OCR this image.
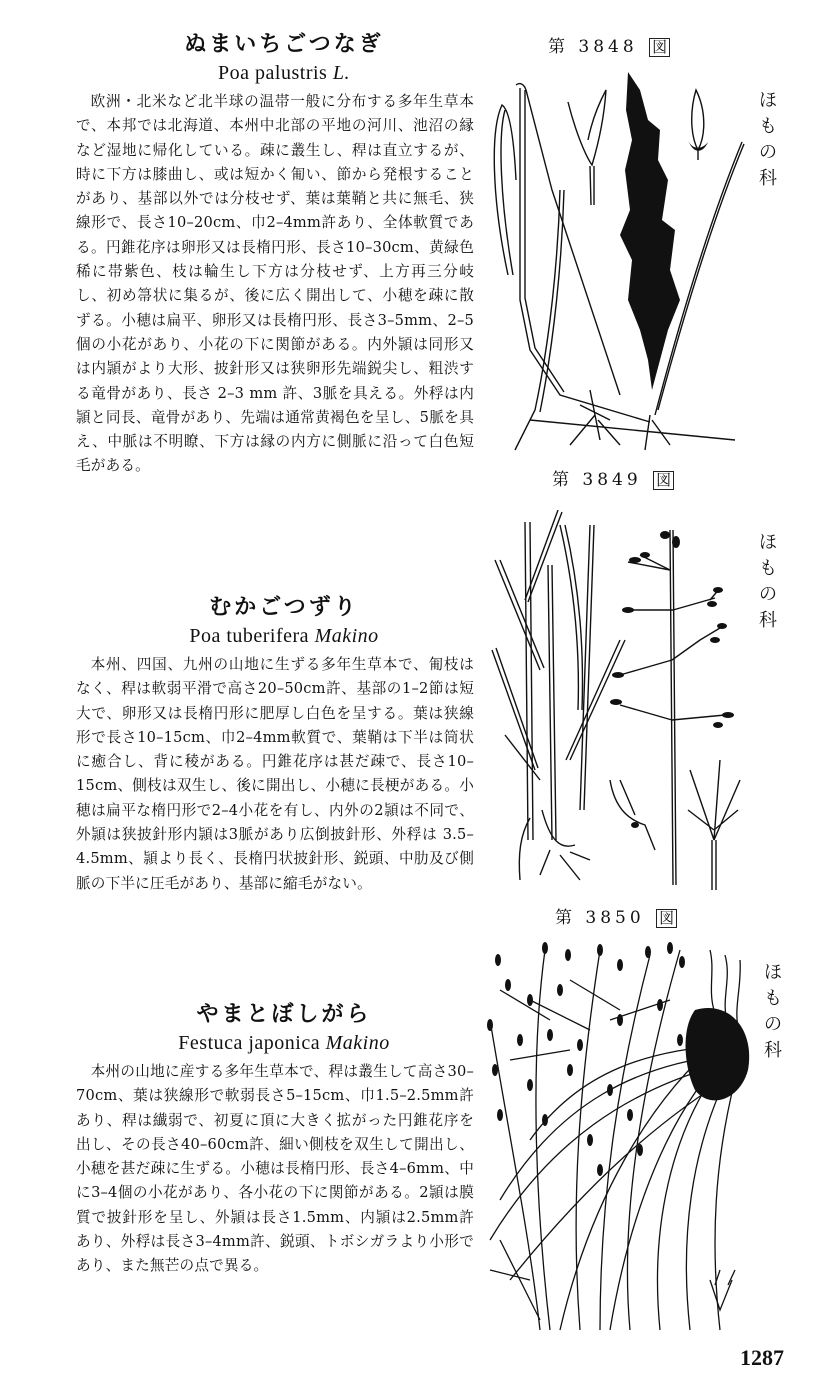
ぬまいちごつなぎ
Poa palustris L.

欧洲・北米など北半球の温帯一般に分布する多年生草本で、本邦では北海道、本州中北部の平地の河川、池沼の縁など湿地に帰化している。疎に叢生し、稈は直立するが、時に下方は膝曲し、或は短かく匍い、節から発根することがあり、基部以外では分枝せず、葉は葉鞘と共に無毛、狭線形で、長さ10–20cm、巾2–4mm許あり、全体軟質である。円錐花序は卵形又は長楕円形、長さ10–30cm、黄緑色稀に帯紫色、枝は輪生し下方は分枝せず、上方再三分岐し、初め箒状に集るが、後に広く開出して、小穂を疎に散ずる。小穂は扁平、卵形又は長楕円形、長さ3–5mm、2–5個の小花があり、小花の下に関節がある。内外頴は同形又は内頴がより大形、披針形又は狭卵形先端鋭尖し、粗渋する竜骨があり、長さ 2–3 mm 許、3脈を具える。外稃は内頴と同長、竜骨があり、先端は通常黄褐色を呈し、5脈を具え、中脈は不明瞭、下方は縁の内方に側脈に沿って白色短毛がある。

むかごつずり
Poa tuberifera Makino

本州、四国、九州の山地に生ずる多年生草本で、匍枝はなく、稈は軟弱平滑で高さ20–50cm許、基部の1–2節は短大で、卵形又は長楕円形に肥厚し白色を呈する。葉は狭線形で長さ10–15cm、巾2–4mm軟質で、葉鞘は下半は筒状に癒合し、背に稜がある。円錐花序は甚だ疎で、長さ10–15cm、側枝は双生し、後に開出し、小穂に長梗がある。小穂は扁平な楕円形で2–4小花を有し、内外の2頴は不同で、外頴は狭披針形内頴は3脈があり広倒披針形、外稃は 3.5–4.5mm、頴より長く、長楕円状披針形、鋭頭、中肋及び側脈の下半に圧毛があり、基部に縮毛がない。

やまとぼしがら
Festuca japonica Makino

本州の山地に産する多年生草本で、稈は叢生して高さ30–70cm、葉は狭線形で軟弱長さ5–15cm、巾1.5–2.5mm許あり、稈は纎弱で、初夏に頂に大きく拡がった円錐花序を出し、その長さ40–60cm許、細い側枝を双生して開出し、小穂を甚だ疎に生ずる。小穂は長楕円形、長さ4–6mm、中に3–4個の小花があり、各小花の下に関節がある。2頴は膜質で披針形を呈し、外頴は長さ1.5mm、内頴は2.5mm許あり、外稃は長さ3–4mm許、鋭頭、トボシガラより小形であり、また無芒の点で異る。

第 3848 図
ほ
も
の
科
第 3849 図
ほ
も
の
科
第 3850 図
ほ
も
の
科
1287
